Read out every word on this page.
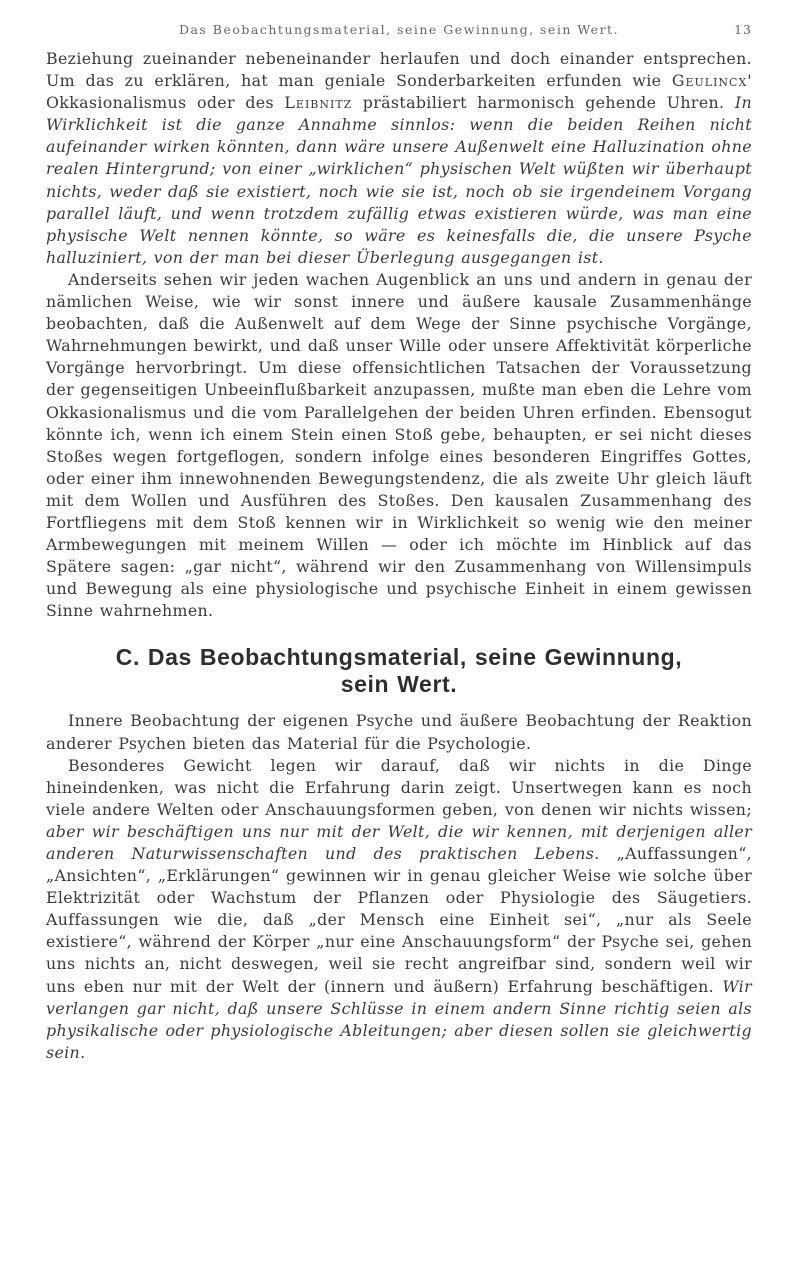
Das Beobachtungsmaterial, seine Gewinnung, sein Wert.	13

Beziehung zueinander nebeneinander herlaufen und doch einander entsprechen. Um das zu erklären, hat man geniale Sonderbarkeiten erfunden wie Geulincx' Okkasionalismus oder des Leibnitz prästabiliert harmonisch gehende Uhren. In Wirklichkeit ist die ganze Annahme sinnlos: wenn die beiden Reihen nicht aufeinander wirken könnten, dann wäre unsere Außenwelt eine Halluzination ohne realen Hintergrund; von einer „wirklichen“ physischen Welt wüßten wir überhaupt nichts, weder daß sie existiert, noch wie sie ist, noch ob sie irgendeinem Vorgang parallel läuft, und wenn trotzdem zufällig etwas existieren würde, was man eine physische Welt nennen könnte, so wäre es keinesfalls die, die unsere Psyche halluziniert, von der man bei dieser Überlegung ausgegangen ist.

Anderseits sehen wir jeden wachen Augenblick an uns und andern in genau der nämlichen Weise, wie wir sonst innere und äußere kausale Zusammenhänge beobachten, daß die Außenwelt auf dem Wege der Sinne psychische Vorgänge, Wahrnehmungen bewirkt, und daß unser Wille oder unsere Affektivität körperliche Vorgänge hervorbringt. Um diese offensichtlichen Tatsachen der Voraussetzung der gegenseitigen Unbeeinflußbarkeit anzupassen, mußte man eben die Lehre vom Okkasionalismus und die vom Parallelgehen der beiden Uhren erfinden. Ebensogut könnte ich, wenn ich einem Stein einen Stoß gebe, behaupten, er sei nicht dieses Stoßes wegen fortgeflogen, sondern infolge eines besonderen Eingriffes Gottes, oder einer ihm innewohnenden Bewegungstendenz, die als zweite Uhr gleich läuft mit dem Wollen und Ausführen des Stoßes. Den kausalen Zusammenhang des Fortfliegens mit dem Stoß kennen wir in Wirklichkeit so wenig wie den meiner Armbewegungen mit meinem Willen — oder ich möchte im Hinblick auf das Spätere sagen: „gar nicht“, während wir den Zusammenhang von Willensimpuls und Bewegung als eine physiologische und psychische Einheit in einem gewissen Sinne wahrnehmen.

C. Das Beobachtungsmaterial, seine Gewinnung,
sein Wert.

Innere Beobachtung der eigenen Psyche und äußere Beobachtung der Reaktion anderer Psychen bieten das Material für die Psychologie.

Besonderes Gewicht legen wir darauf, daß wir nichts in die Dinge hineindenken, was nicht die Erfahrung darin zeigt. Unsertwegen kann es noch viele andere Welten oder Anschauungsformen geben, von denen wir nichts wissen; aber wir beschäftigen uns nur mit der Welt, die wir kennen, mit derjenigen aller anderen Naturwissenschaften und des praktischen Lebens. „Auffassungen“, „Ansichten“, „Erklärungen“ gewinnen wir in genau gleicher Weise wie solche über Elektrizität oder Wachstum der Pflanzen oder Physiologie des Säugetiers. Auffassungen wie die, daß „der Mensch eine Einheit sei“, „nur als Seele existiere“, während der Körper „nur eine Anschauungsform“ der Psyche sei, gehen uns nichts an, nicht deswegen, weil sie recht angreifbar sind, sondern weil wir uns eben nur mit der Welt der (innern und äußern) Erfahrung beschäftigen. Wir verlangen gar nicht, daß unsere Schlüsse in einem andern Sinne richtig seien als physikalische oder physiologische Ableitungen; aber diesen sollen sie gleichwertig sein.
